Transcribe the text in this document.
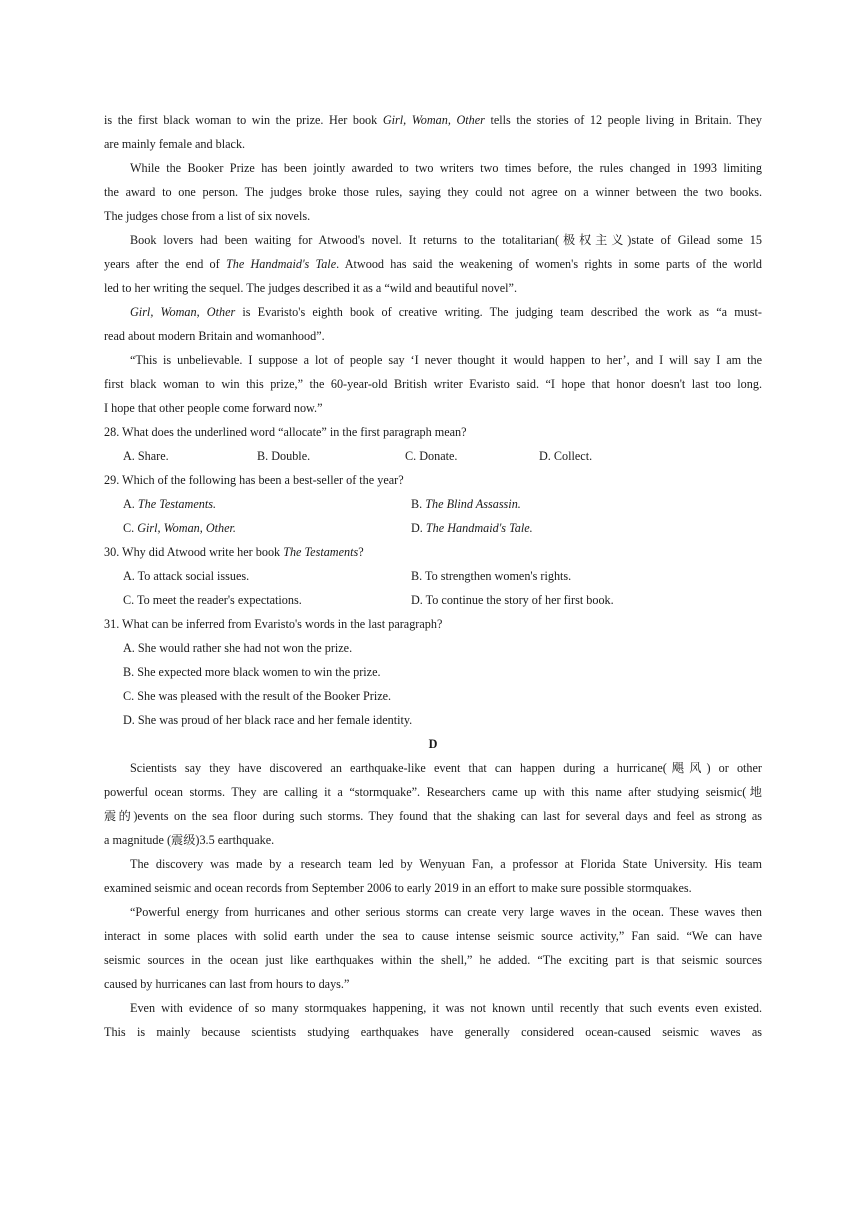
is the first black woman to win the prize. Her book Girl, Woman, Other tells the stories of 12 people living in Britain. They
are mainly female and black.
While the Booker Prize has been jointly awarded to two writers two times before, the rules changed in 1993 limiting
the award to one person. The judges broke those rules, saying they could not agree on a winner between the two books.
The judges chose from a list of six novels.
Book lovers had been waiting for Atwood's novel. It returns to the totalitarian(极权主义)state of Gilead some 15
years after the end of The Handmaid's Tale. Atwood has said the weakening of women's rights in some parts of the world
led to her writing the sequel. The judges described it as a “wild and beautiful novel”.
Girl, Woman, Other is Evaristo's eighth book of creative writing. The judging team described the work as “a must-
read about modern Britain and womanhood”.
“This is unbelievable. I suppose a lot of people say ‘I never thought it would happen to her’, and I will say I am the
first black woman to win this prize,” the 60-year-old British writer Evaristo said. “I hope that honor doesn't last too long.
I hope that other people come forward now.”
28. What does the underlined word “allocate” in the first paragraph mean?
A. Share.	B. Double.	C. Donate.	D. Collect.
29. Which of the following has been a best-seller of the year?
A. The Testaments.	B. The Blind Assassin.
C. Girl, Woman, Other.	D. The Handmaid's Tale.
30. Why did Atwood write her book The Testaments?
A. To attack social issues.	B. To strengthen women's rights.
C. To meet the reader's expectations.	D. To continue the story of her first book.
31. What can be inferred from Evaristo's words in the last paragraph?
A. She would rather she had not won the prize.
B. She expected more black women to win the prize.
C. She was pleased with the result of the Booker Prize.
D. She was proud of her black race and her female identity.
D
Scientists say they have discovered an earthquake-like event that can happen during a hurricane(飓风) or other
powerful ocean storms. They are calling it a “stormquake”. Researchers came up with this name after studying seismic(地
震的)events on the sea floor during such storms. They found that the shaking can last for several days and feel as strong as
a magnitude (震级)3.5 earthquake.
The discovery was made by a research team led by Wenyuan Fan, a professor at Florida State University. His team
examined seismic and ocean records from September 2006 to early 2019 in an effort to make sure possible stormquakes.
“Powerful energy from hurricanes and other serious storms can create very large waves in the ocean. These waves then
interact in some places with solid earth under the sea to cause intense seismic source activity,” Fan said. “We can have
seismic sources in the ocean just like earthquakes within the shell,” he added. “The exciting part is that seismic sources
caused by hurricanes can last from hours to days.”
Even with evidence of so many stormquakes happening, it was not known until recently that such events even existed.
This is mainly because scientists studying earthquakes have generally considered ocean-caused seismic waves as
